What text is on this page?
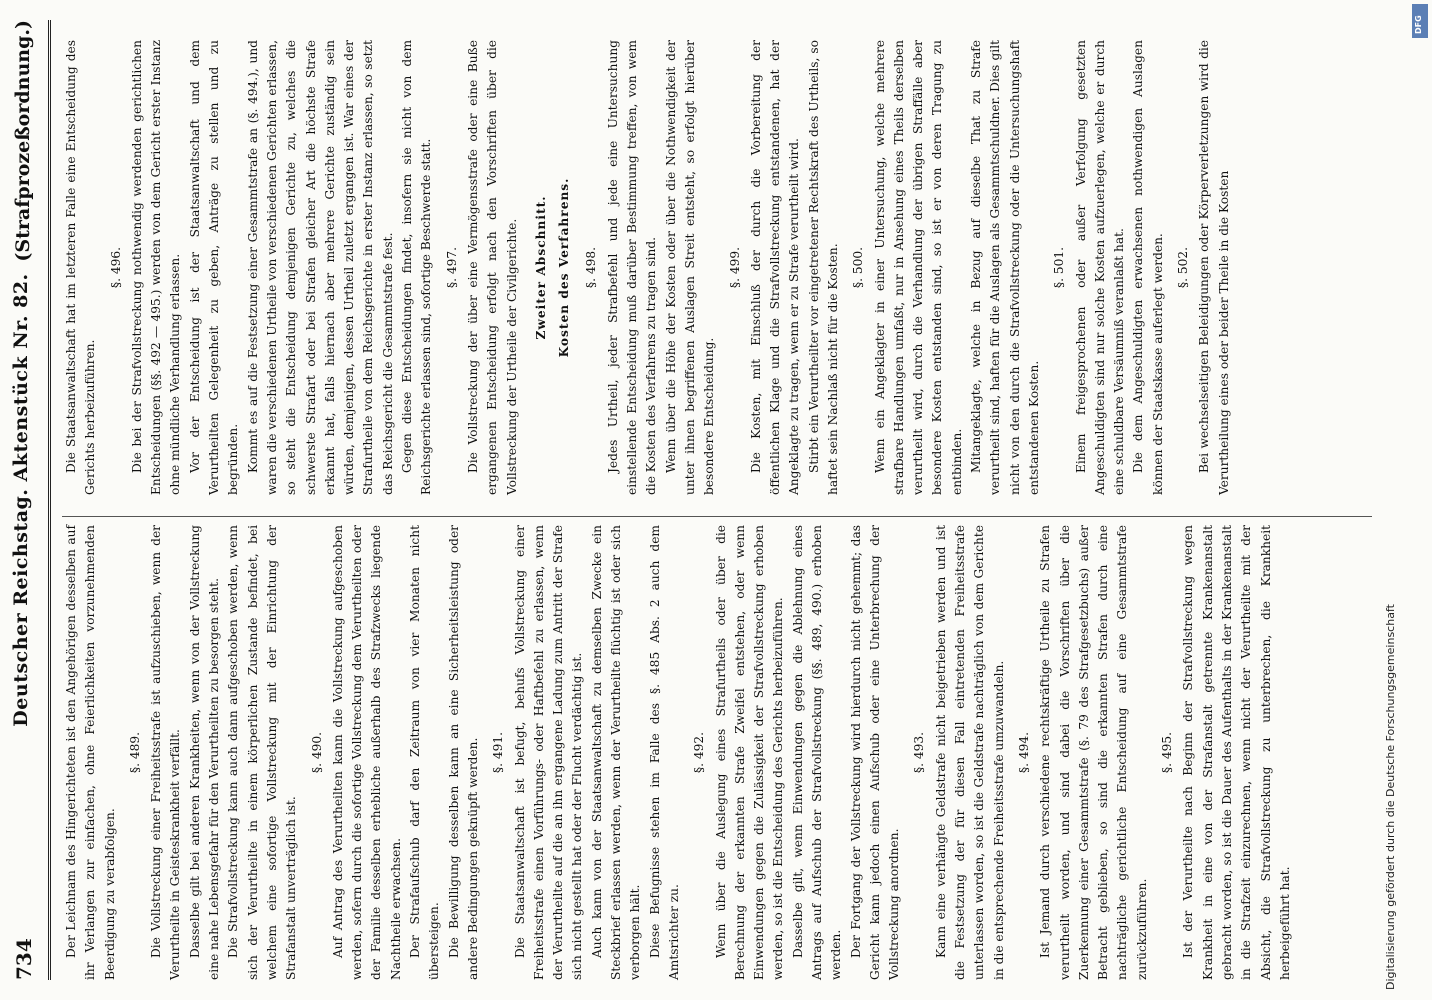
734
Deutscher Reichstag. Aktenstück Nr. 82.
(Strafprozeßordnung.)

Der Leichnam des Hingerichteten ist den Angehörigen desselben auf ihr Verlangen zur einfachen, ohne Feierlichkeiten vorzunehmenden Beerdigung zu verabfolgen.

§. 489. Die Vollstreckung einer Freiheitsstrafe ist aufzuschieben, wenn der Verurtheilte in Geisteskrankheit verfällt. Dasselbe gilt bei anderen Krankheiten, wenn von der Vollstreckung eine nahe Lebensgefahr für den Verurtheilten zu besorgen steht. Die Strafvollstreckung kann auch dann aufgeschoben werden, wenn sich der Verurtheilte in einem körperlichen Zustande befindet, bei welchem eine sofortige Vollstreckung mit der Einrichtung der Strafanstalt unverträglich ist.

§. 490. Auf Antrag des Verurtheilten kann die Vollstreckung aufgeschoben werden, sofern durch die sofortige Vollstreckung dem Verurtheilten oder der Familie desselben erhebliche außerhalb des Strafzwecks liegende Nachtheile erwachsen. Der Strafaufschub darf den Zeitraum von vier Monaten nicht übersteigen. Die Bewilligung desselben kann an eine Sicherheitsleistung oder andere Bedingungen geknüpft werden. §. 491. Die Staatsanwaltschaft ist befugt, behufs Vollstreckung einer Freiheitsstrafe einen Vorführungs- oder Haftbefehl zu erlassen, wenn der Verurtheilte auf die an ihn ergangene Ladung zum Antritt der Strafe sich nicht gestellt hat oder der Flucht verdächtig ist. Auch kann von der Staatsanwaltschaft zu demselben Zwecke ein Steckbrief erlassen werden, wenn der Verurtheilte flüchtig ist oder sich verborgen hält. Diese Befugnisse stehen im Falle des §. 485 Abs. 2 auch dem Amtsrichter zu.

§. 492. Wenn über die Auslegung eines Strafurtheils oder über die Berechnung der erkannten Strafe Zweifel entstehen, oder wenn Einwendungen gegen die Zulässigkeit der Strafvollstreckung erhoben werden, so ist die Entscheidung des Gerichts herbeizuführen. Dasselbe gilt, wenn Einwendungen gegen die Ablehnung eines Antrags auf Aufschub der Strafvollstreckung (§§. 489, 490.) erhoben werden. Der Fortgang der Vollstreckung wird hierdurch nicht gehemmt; das Gericht kann jedoch einen Aufschub oder eine Unterbrechung der Vollstreckung anordnen.

§. 493. Kann eine verhängte Geldstrafe nicht beigetrieben werden und ist die Festsetzung der für diesen Fall eintretenden Freiheitsstrafe unterlassen worden, so ist die Geldstrafe nachträglich von dem Gerichte in die entsprechende Freiheitsstrafe umzuwandeln. §. 494. Ist Jemand durch verschiedene rechtskräftige Urtheile zu Strafen verurtheilt worden, und sind dabei die Vorschriften über die Zuerkennung einer Gesammtstrafe (§. 79 des Strafgesetzbuchs) außer Betracht geblieben, so sind die erkannten Strafen durch eine nachträgliche gerichtliche Entscheidung auf eine Gesammtstrafe zurückzuführen.

§. 495. Ist der Verurtheilte nach Beginn der Strafvollstreckung wegen Krankheit in eine von der Strafanstalt getrennte Krankenanstalt gebracht worden, so ist die Dauer des Aufenthalts in der Krankenanstalt in die Strafzeit einzurechnen, wenn nicht der Verurtheilte mit der Absicht, die Strafvollstreckung zu unterbrechen, die Krankheit herbeigeführt hat.

Die Staatsanwaltschaft hat im letzteren Falle eine Entscheidung des Gerichts herbeizuführen.

§. 496. Die bei der Strafvollstreckung nothwendig werdenden gerichtlichen Entscheidungen (§§. 492 — 495.) werden von dem Gericht erster Instanz ohne mündliche Verhandlung erlassen. Vor der Entscheidung ist der Staatsanwaltschaft und dem Verurtheilten Gelegenheit zu geben, Anträge zu stellen und zu begründen. Kommt es auf die Festsetzung einer Gesammtstrafe an (§. 494.), und waren die verschiedenen Urtheile von verschiedenen Gerichten erlassen, so steht die Entscheidung demjenigen Gerichte zu, welches die schwerste Strafart oder bei Strafen gleicher Art die höchste Strafe erkannt hat, falls hiernach aber mehrere Gerichte zuständig sein würden, demjenigen, dessen Urtheil zuletzt ergangen ist. War eines der Strafurtheile von dem Reichsgerichte in erster Instanz erlassen, so setzt das Reichsgericht die Gesammtstrafe fest. Gegen diese Entscheidungen findet, insofern sie nicht von dem Reichsgerichte erlassen sind, sofortige Beschwerde statt. §. 497. Die Vollstreckung der über eine Vermögensstrafe oder eine Buße ergangenen Entscheidung erfolgt nach den Vorschriften über die Vollstreckung der Urtheile der Civilgerichte. Zweiter Abschnitt. Kosten des Verfahrens. §. 498. Jedes Urtheil, jeder Strafbefehl und jede eine Untersuchung einstellende Entscheidung muß darüber Bestimmung treffen, von wem die Kosten des Verfahrens zu tragen sind. Wenn über die Höhe der Kosten oder über die Nothwendigkeit der unter ihnen begriffenen Auslagen Streit entsteht, so erfolgt hierüber besondere Entscheidung.

§. 499. Die Kosten, mit Einschluß der durch die Vorbereitung der öffentlichen Klage und die Strafvollstreckung entstandenen, hat der Angeklagte zu tragen, wenn er zu Strafe verurtheilt wird. Stirbt ein Verurtheilter vor eingetretener Rechtskraft des Urtheils, so haftet sein Nachlaß nicht für die Kosten. §. 500. Wenn ein Angeklagter in einer Untersuchung, welche mehrere strafbare Handlungen umfaßt, nur in Ansehung eines Theils derselben verurtheilt wird, durch die Verhandlung der übrigen Straffälle aber besondere Kosten entstanden sind, so ist er von deren Tragung zu entbinden. Mitangeklagte, welche in Bezug auf dieselbe That zu Strafe verurtheilt sind, haften für die Auslagen als Gesammtschuldner. Dies gilt nicht von den durch die Strafvollstreckung oder die Untersuchungshaft entstandenen Kosten.

§. 501. Einem freigesprochenen oder außer Verfolgung gesetzten Angeschuldigten sind nur solche Kosten aufzuerlegen, welche er durch eine schuldbare Versäumniß veranlaßt hat. Die dem Angeschuldigten erwachsenen nothwendigen Auslagen können der Staatskasse auferlegt werden. §. 502. Bei wechselseitigen Beleidigungen oder Körperverletzungen wird die Verurtheilung eines oder beider Theile in die Kosten

Digitalisierung gefördert durch die Deutsche Forschungsgemeinschaft
DFG
